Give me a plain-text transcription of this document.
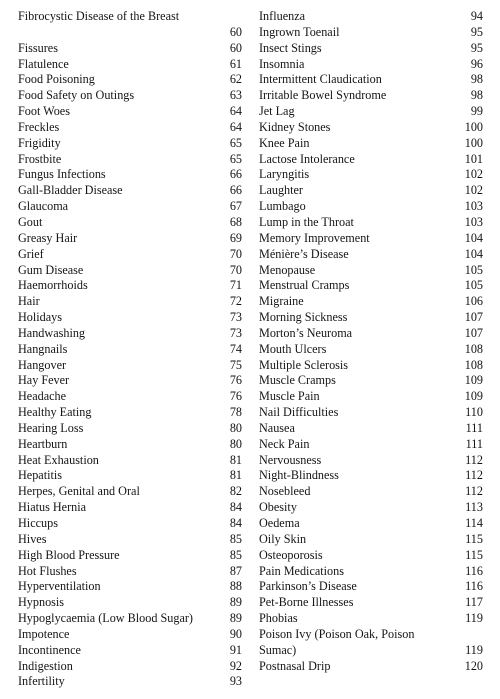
Fibrocystic Disease of the Breast
60
Fissures	60
Flatulence	61
Food Poisoning	62
Food Safety on Outings	63
Foot Woes	64
Freckles	64
Frigidity	65
Frostbite	65
Fungus Infections	66
Gall-Bladder Disease	66
Glaucoma	67
Gout	68
Greasy Hair	69
Grief	70
Gum Disease	70
Haemorrhoids	71
Hair	72
Holidays	73
Handwashing	73
Hangnails	74
Hangover	75
Hay Fever	76
Headache	76
Healthy Eating	78
Hearing Loss	80
Heartburn	80
Heat Exhaustion	81
Hepatitis	81
Herpes, Genital and Oral	82
Hiatus Hernia	84
Hiccups	84
Hives	85
High Blood Pressure	85
Hot Flushes	87
Hyperventilation	88
Hypnosis	89
Hypoglycaemia (Low Blood Sugar)	89
Impotence	90
Incontinence	91
Indigestion	92
Infertility	93
Influenza	94
Ingrown Toenail	95
Insect Stings	95
Insomnia	96
Intermittent Claudication	98
Irritable Bowel Syndrome	98
Jet Lag	99
Kidney Stones	100
Knee Pain	100
Lactose Intolerance	101
Laryngitis	102
Laughter	102
Lumbago	103
Lump in the Throat	103
Memory Improvement	104
Ménière’s Disease	104
Menopause	105
Menstrual Cramps	105
Migraine	106
Morning Sickness	107
Morton’s Neuroma	107
Mouth Ulcers	108
Multiple Sclerosis	108
Muscle Cramps	109
Muscle Pain	109
Nail Difficulties	110
Nausea	111
Neck Pain	111
Nervousness	112
Night-Blindness	112
Nosebleed	112
Obesity	113
Oedema	114
Oily Skin	115
Osteoporosis	115
Pain Medications	116
Parkinson’s Disease	116
Pet-Borne Illnesses	117
Phobias	119
Poison Ivy (Poison Oak, Poison Sumac)	119
Postnasal Drip	120
